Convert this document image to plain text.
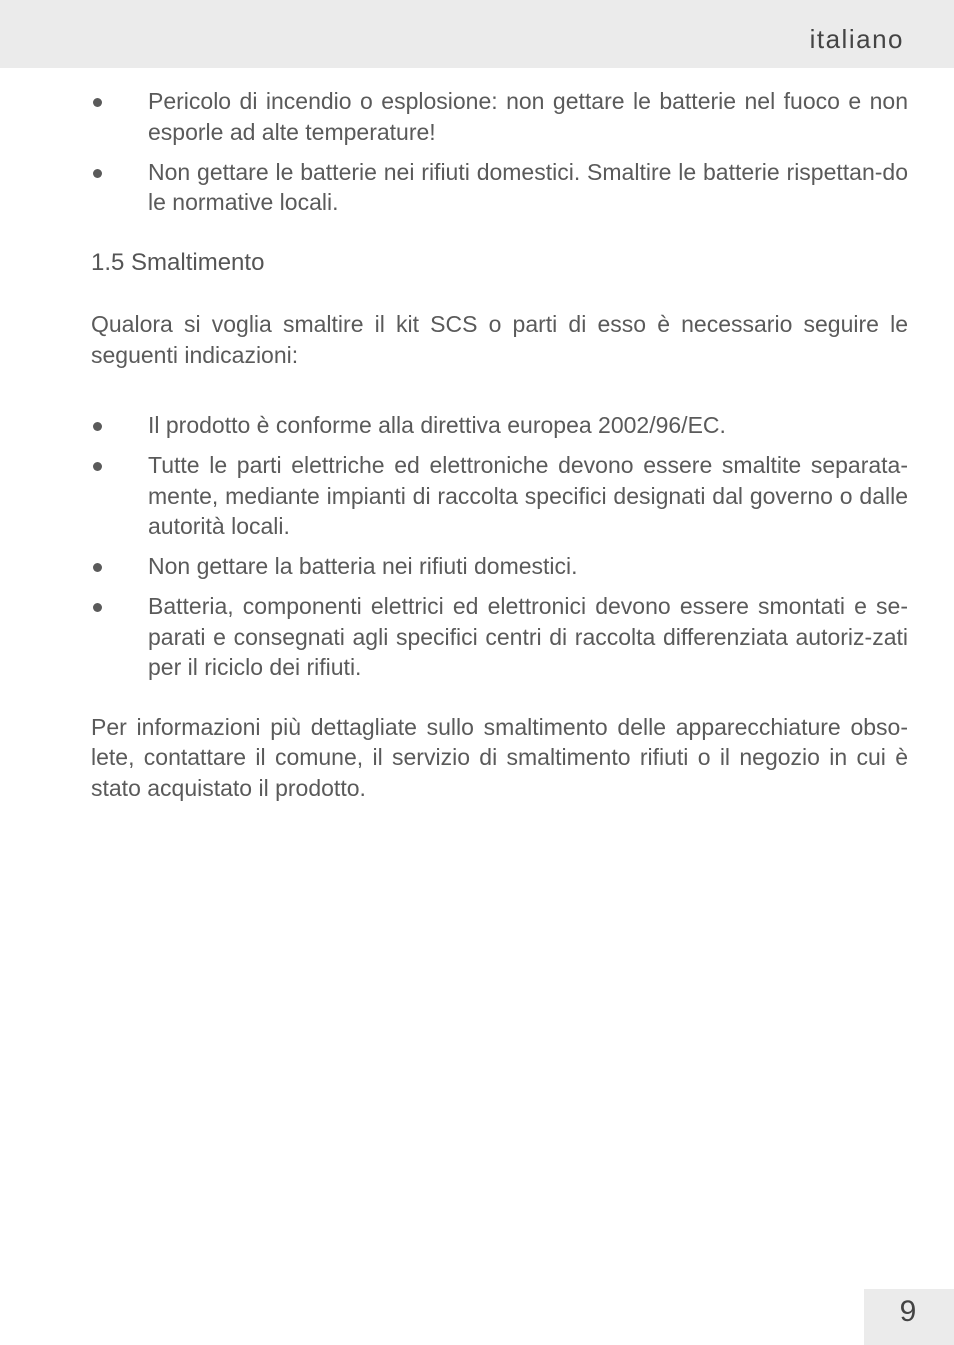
italiano
Pericolo di incendio o esplosione: non gettare le batterie nel fuoco e non esporle ad alte temperature!
Non gettare le batterie nei rifiuti domestici. Smaltire le batterie rispettan-do le normative locali.
1.5 Smaltimento

Qualora si voglia smaltire il kit SCS o parti di esso è necessario seguire le seguenti indicazioni:

Il prodotto è conforme alla direttiva europea 2002/96/EC.
Tutte le parti elettriche ed elettroniche devono essere smaltite separata-mente, mediante impianti di raccolta specifici designati dal governo o dalle autorità locali.
Non gettare la batteria nei rifiuti domestici.
Batteria, componenti elettrici ed elettronici devono essere smontati e se-parati e consegnati agli specifici centri di raccolta differenziata autoriz-zati per il riciclo dei rifiuti.

Per informazioni più dettagliate sullo smaltimento delle apparecchiature obso-lete, contattare il comune, il servizio di smaltimento rifiuti o il negozio in cui è stato acquistato il prodotto.

9
